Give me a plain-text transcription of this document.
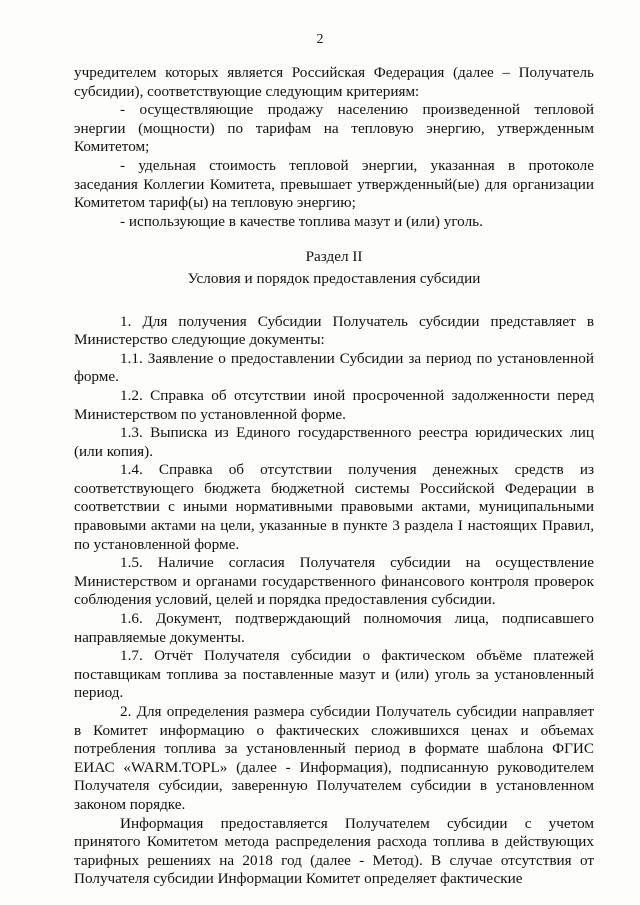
2

учредителем которых является Российская Федерация (далее – Получатель субсидии), соответствующие следующим критериям:

- осуществляющие продажу населению произведенной тепловой энергии (мощности) по тарифам на тепловую энергию, утвержденным Комитетом;

- удельная стоимость тепловой энергии, указанная в протоколе заседания Коллегии Комитета, превышает утвержденный(ые) для организации Комитетом тариф(ы) на тепловую энергию;

- использующие в качестве топлива мазут и (или) уголь.

Раздел II

Условия и порядок предоставления субсидии

1. Для получения Субсидии Получатель субсидии представляет в Министерство следующие документы:

1.1. Заявление о предоставлении Субсидии за период по установленной форме.

1.2. Справка об отсутствии иной просроченной задолженности перед Министерством по установленной форме.

1.3. Выписка из Единого государственного реестра юридических лиц (или копия).

1.4. Справка об отсутствии получения денежных средств из соответствующего бюджета бюджетной системы Российской Федерации в соответствии с иными нормативными правовыми актами, муниципальными правовыми актами на цели, указанные в пункте 3 раздела I настоящих Правил, по установленной форме.

1.5. Наличие согласия Получателя субсидии на осуществление Министерством и органами государственного финансового контроля проверок соблюдения условий, целей и порядка предоставления субсидии.

1.6. Документ, подтверждающий полномочия лица, подписавшего направляемые документы.

1.7. Отчёт Получателя субсидии о фактическом объёме платежей поставщикам топлива за поставленные мазут и (или) уголь за установленный период.

2. Для определения размера субсидии Получатель субсидии направляет в Комитет информацию о фактических сложившихся ценах и объемах потребления топлива за установленный период в формате шаблона ФГИС ЕИАС «WARM.TOPL» (далее - Информация), подписанную руководителем Получателя субсидии, заверенную Получателем субсидии в установленном законом порядке.

Информация предоставляется Получателем субсидии с учетом принятого Комитетом метода распределения расхода топлива в действующих тарифных решениях на 2018 год (далее - Метод). В случае отсутствия от Получателя субсидии Информации Комитет определяет фактические
